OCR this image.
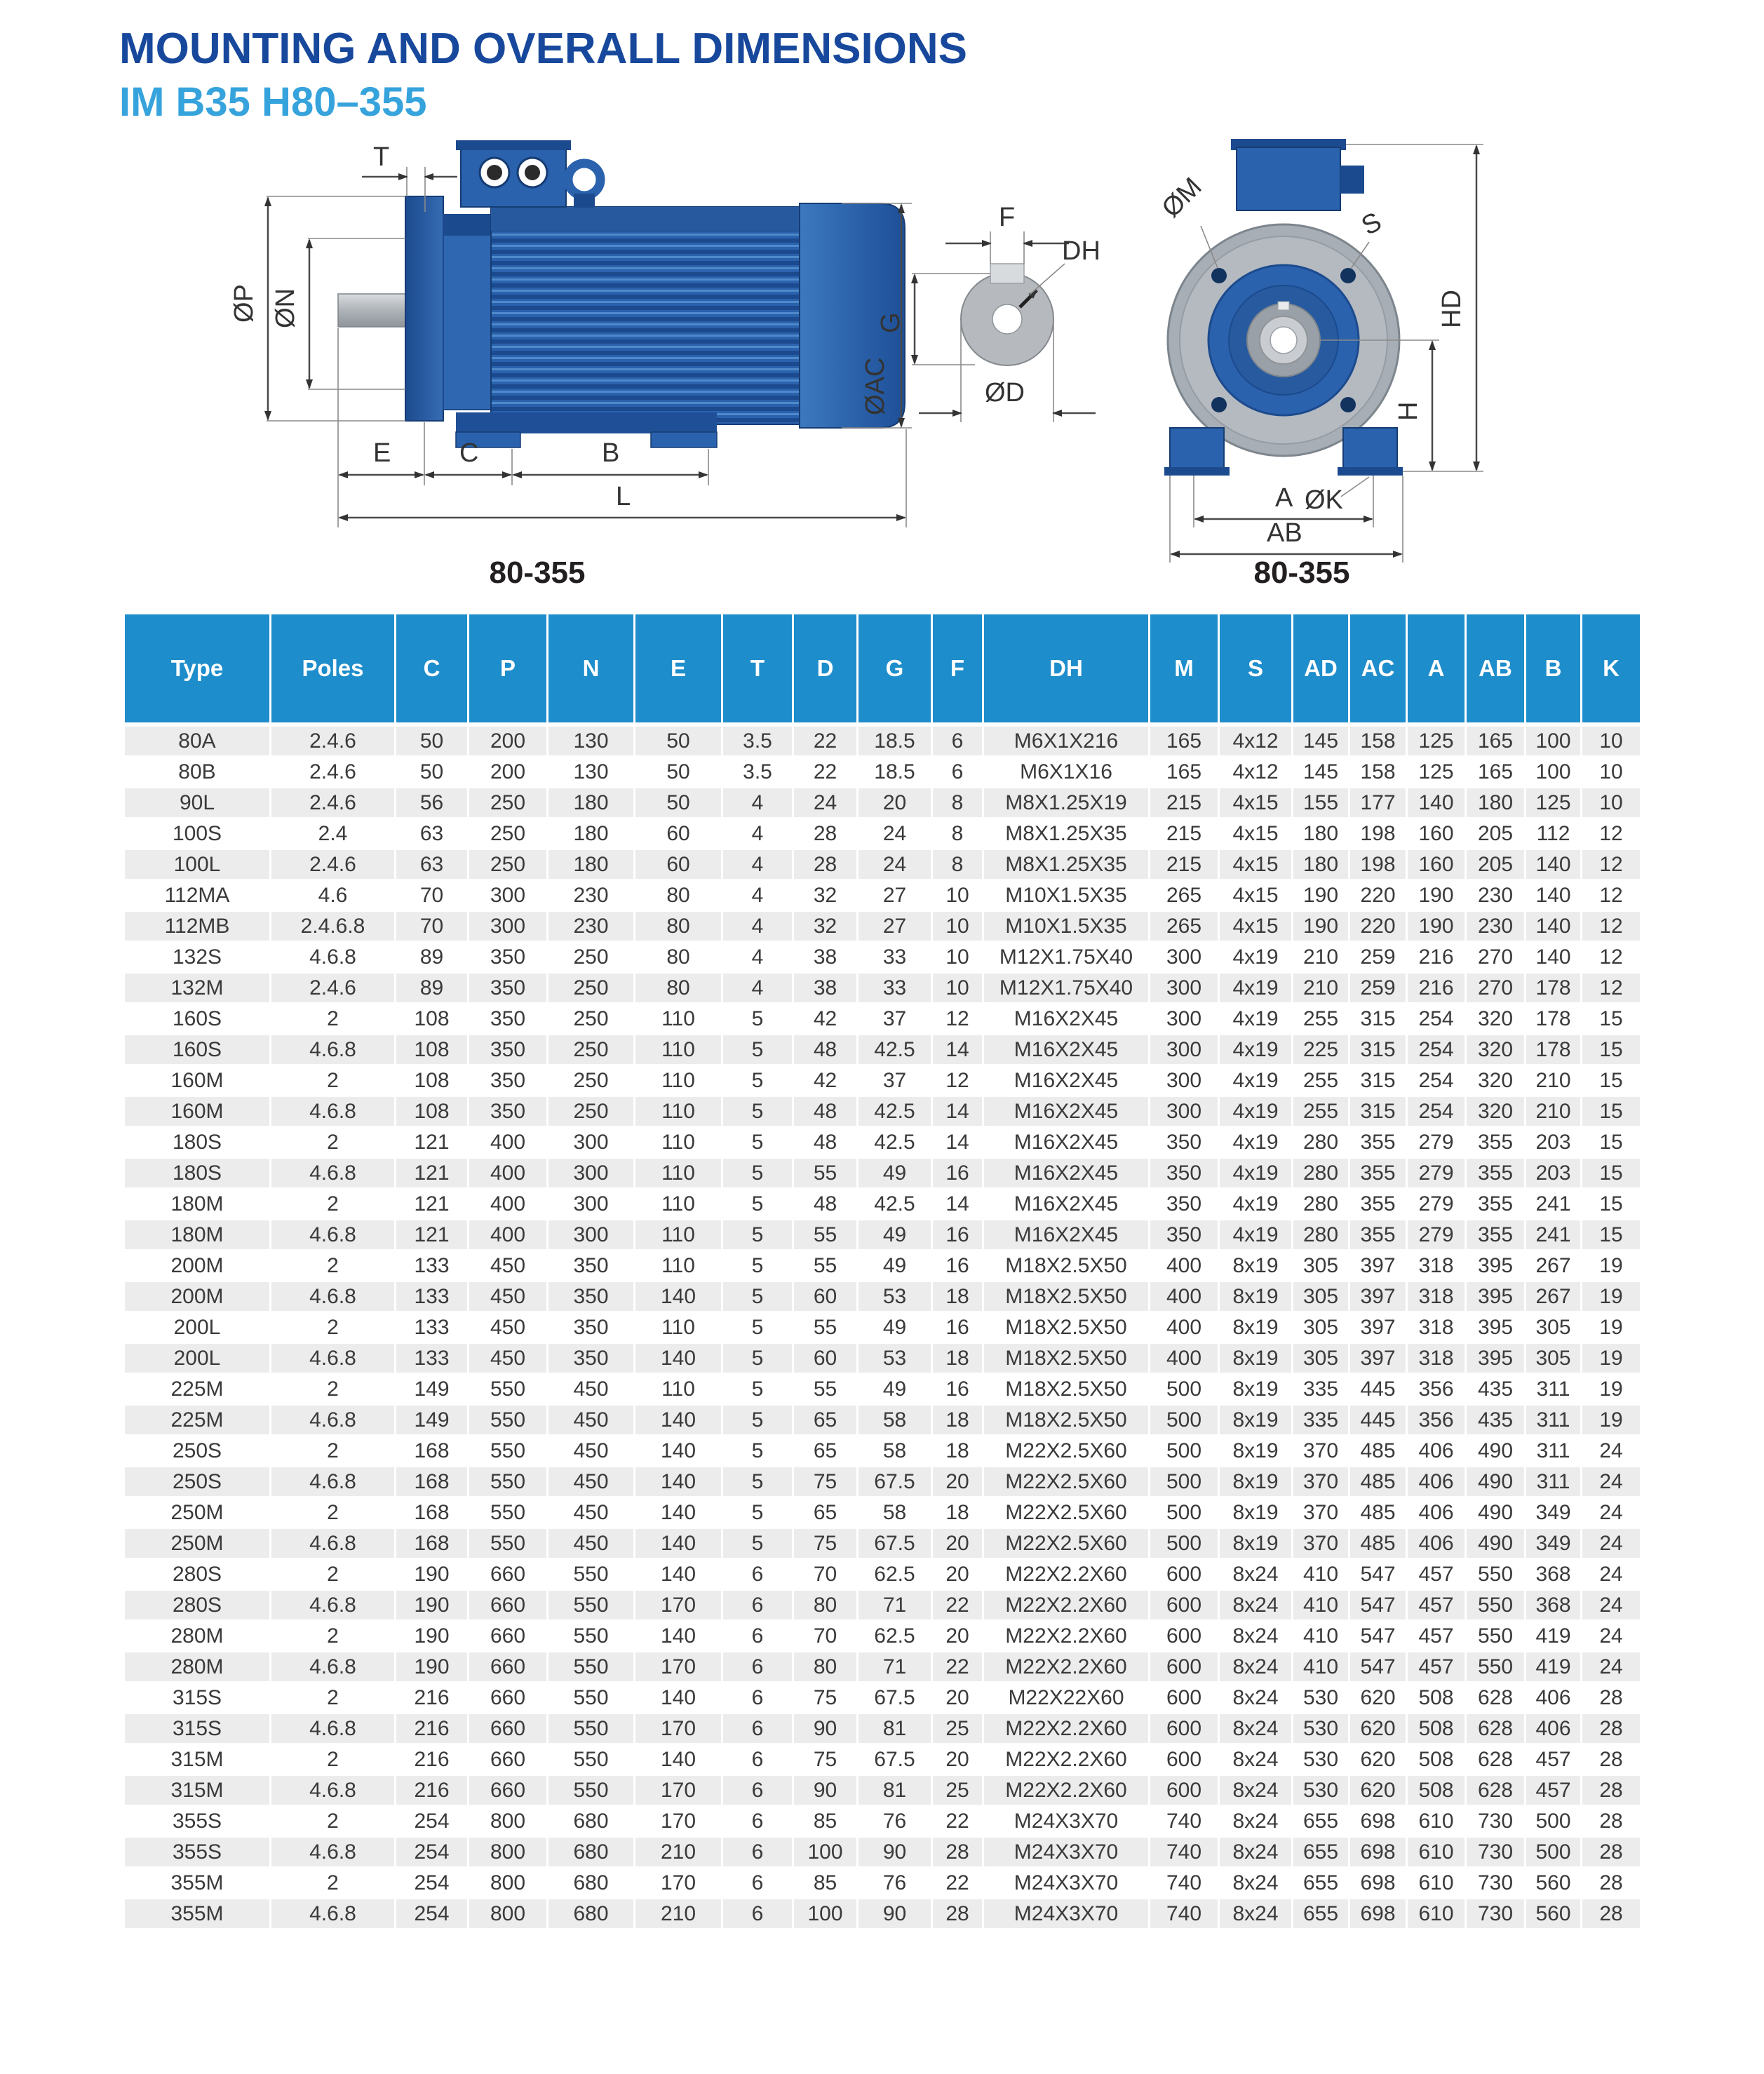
MOUNTING AND OVERALL DIMENSIONS
IM B35 H80–355
T
ØP ØN
ØAC
E	C	B
L
F
DH
G
ØD
ØM
S
HD
H
ØK
A
AB
80-355	80-355
Type	Poles	C	P	N	E	T	D	G	F	DH	M	S	AD	AC	A	AB	B	K
80A	2.4.6	50	200	130	50	3.5	22	18.5	6	M6X1X216	165	4x12	145	158	125	165	100	10
80B	2.4.6	50	200	130	50	3.5	22	18.5	6	M6X1X16	165	4x12	145	158	125	165	100	10
90L	2.4.6	56	250	180	50	4	24	20	8	M8X1.25X19	215	4x15	155	177	140	180	125	10
100S	2.4	63	250	180	60	4	28	24	8	M8X1.25X35	215	4x15	180	198	160	205	112	12
100L	2.4.6	63	250	180	60	4	28	24	8	M8X1.25X35	215	4x15	180	198	160	205	140	12
112MA	4.6	70	300	230	80	4	32	27	10	M10X1.5X35	265	4x15	190	220	190	230	140	12
112MB	2.4.6.8	70	300	230	80	4	32	27	10	M10X1.5X35	265	4x15	190	220	190	230	140	12
132S	4.6.8	89	350	250	80	4	38	33	10	M12X1.75X40	300	4x19	210	259	216	270	140	12
132M	2.4.6	89	350	250	80	4	38	33	10	M12X1.75X40	300	4x19	210	259	216	270	178	12
160S	2	108	350	250	110	5	42	37	12	M16X2X45	300	4x19	255	315	254	320	178	15
160S	4.6.8	108	350	250	110	5	48	42.5	14	M16X2X45	300	4x19	225	315	254	320	178	15
160M	2	108	350	250	110	5	42	37	12	M16X2X45	300	4x19	255	315	254	320	210	15
160M	4.6.8	108	350	250	110	5	48	42.5	14	M16X2X45	300	4x19	255	315	254	320	210	15
180S	2	121	400	300	110	5	48	42.5	14	M16X2X45	350	4x19	280	355	279	355	203	15
180S	4.6.8	121	400	300	110	5	55	49	16	M16X2X45	350	4x19	280	355	279	355	203	15
180M	2	121	400	300	110	5	48	42.5	14	M16X2X45	350	4x19	280	355	279	355	241	15
180M	4.6.8	121	400	300	110	5	55	49	16	M16X2X45	350	4x19	280	355	279	355	241	15
200M	2	133	450	350	110	5	55	49	16	M18X2.5X50	400	8x19	305	397	318	395	267	19
200M	4.6.8	133	450	350	140	5	60	53	18	M18X2.5X50	400	8x19	305	397	318	395	267	19
200L	2	133	450	350	110	5	55	49	16	M18X2.5X50	400	8x19	305	397	318	395	305	19
200L	4.6.8	133	450	350	140	5	60	53	18	M18X2.5X50	400	8x19	305	397	318	395	305	19
225M	2	149	550	450	110	5	55	49	16	M18X2.5X50	500	8x19	335	445	356	435	311	19
225M	4.6.8	149	550	450	140	5	65	58	18	M18X2.5X50	500	8x19	335	445	356	435	311	19
250S	2	168	550	450	140	5	65	58	18	M22X2.5X60	500	8x19	370	485	406	490	311	24
250S	4.6.8	168	550	450	140	5	75	67.5	20	M22X2.5X60	500	8x19	370	485	406	490	311	24
250M	2	168	550	450	140	5	65	58	18	M22X2.5X60	500	8x19	370	485	406	490	349	24
250M	4.6.8	168	550	450	140	5	75	67.5	20	M22X2.5X60	500	8x19	370	485	406	490	349	24
280S	2	190	660	550	140	6	70	62.5	20	M22X2.2X60	600	8x24	410	547	457	550	368	24
280S	4.6.8	190	660	550	170	6	80	71	22	M22X2.2X60	600	8x24	410	547	457	550	368	24
280M	2	190	660	550	140	6	70	62.5	20	M22X2.2X60	600	8x24	410	547	457	550	419	24
280M	4.6.8	190	660	550	170	6	80	71	22	M22X2.2X60	600	8x24	410	547	457	550	419	24
315S	2	216	660	550	140	6	75	67.5	20	M22X22X60	600	8x24	530	620	508	628	406	28
315S	4.6.8	216	660	550	170	6	90	81	25	M22X2.2X60	600	8x24	530	620	508	628	406	28
315M	2	216	660	550	140	6	75	67.5	20	M22X2.2X60	600	8x24	530	620	508	628	457	28
315M	4.6.8	216	660	550	170	6	90	81	25	M22X2.2X60	600	8x24	530	620	508	628	457	28
355S	2	254	800	680	170	6	85	76	22	M24X3X70	740	8x24	655	698	610	730	500	28
355S	4.6.8	254	800	680	210	6	100	90	28	M24X3X70	740	8x24	655	698	610	730	500	28
355M	2	254	800	680	170	6	85	76	22	M24X3X70	740	8x24	655	698	610	730	560	28
355M	4.6.8	254	800	680	210	6	100	90	28	M24X3X70	740	8x24	655	698	610	730	560	28
